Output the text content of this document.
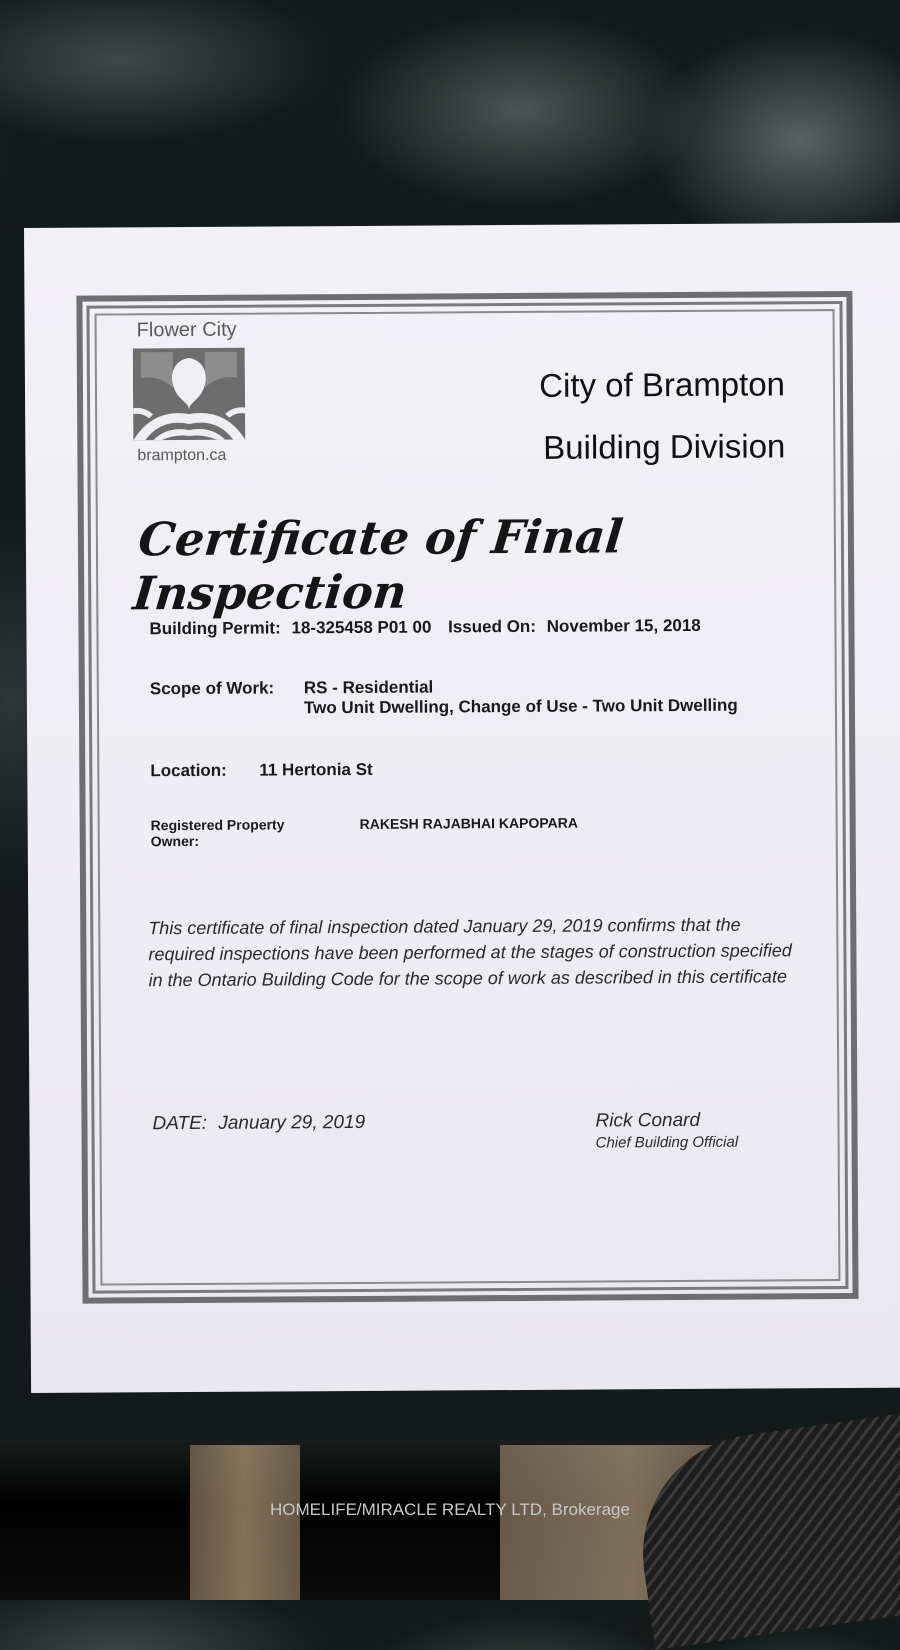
Flower City
brampton.ca
City of Brampton
Building Division
Certificate of Final Inspection
Building Permit: 18-325458 P01 00 Issued On: November 15, 2018
Scope of Work: RS - Residential
Two Unit Dwelling, Change of Use - Two Unit Dwelling
Location: 11 Hertonia St
Registered Property
Owner:
RAKESH RAJABHAI KAPOPARA
This certificate of final inspection dated January 29, 2019 confirms that the required inspections have been performed at the stages of construction specified in the Ontario Building Code for the scope of work as described in this certificate
DATE: January 29, 2019	Rick Conard
Chief Building Official
HOMELIFE/MIRACLE REALTY LTD, Brokerage
